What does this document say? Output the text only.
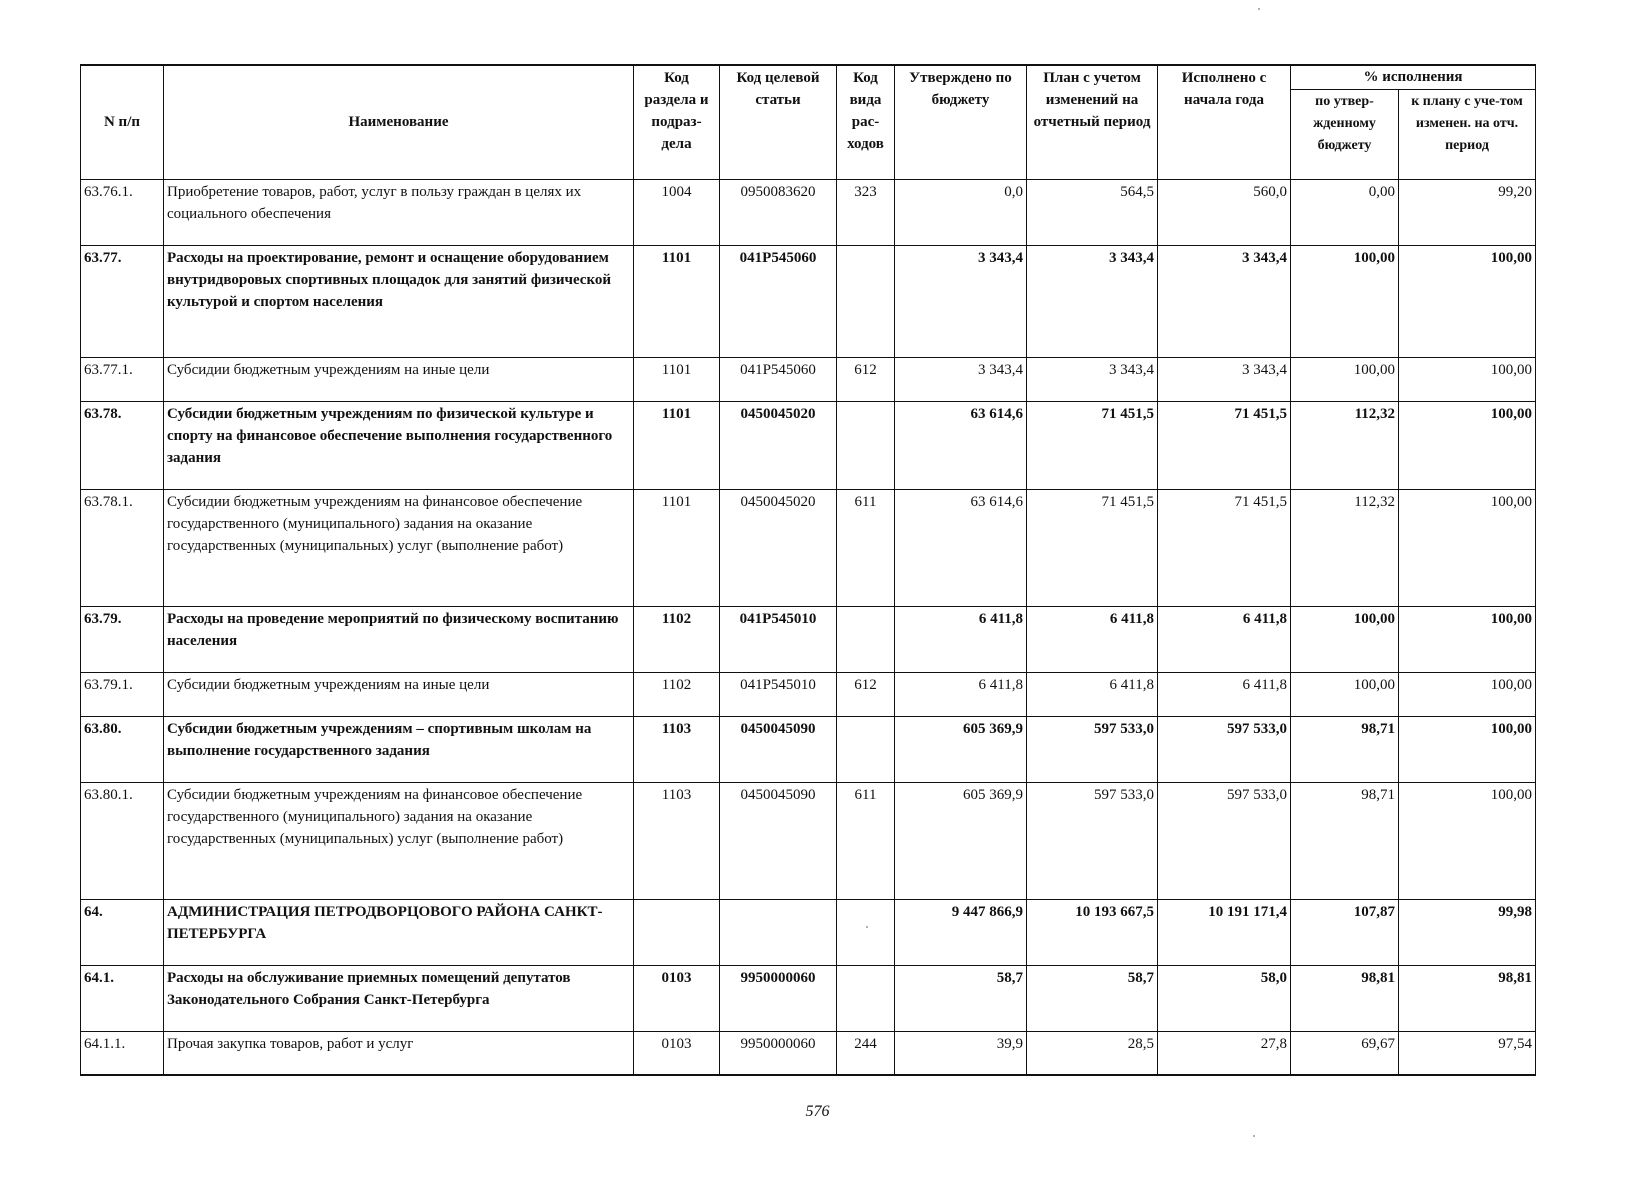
N п/п	Наименование	Код раздела и подраз-дела	Код целевой статьи	Код вида рас-ходов	Утверждено по бюджету	План с учетом изменений на отчетный период	Исполнено с начала года	% исполнения	
								по утвер-жденному бюджету	к плану с уче-том изменен. на отч. период
63.76.1.	Приобретение товаров, работ, услуг в пользу граждан в целях их социального обеспечения	1004	0950083620	323	0,0	564,5	560,0	0,00	99,20
63.77.	Расходы на проектирование, ремонт и оснащение оборудованием внутридворовых спортивных площадок для занятий физической культурой и спортом населения	1101	041P545060		3 343,4	3 343,4	3 343,4	100,00	100,00
63.77.1.	Субсидии бюджетным учреждениям на иные цели	1101	041P545060	612	3 343,4	3 343,4	3 343,4	100,00	100,00
63.78.	Субсидии бюджетным учреждениям по физической культуре и спорту на финансовое обеспечение выполнения государственного задания	1101	0450045020		63 614,6	71 451,5	71 451,5	112,32	100,00
63.78.1.	Субсидии бюджетным учреждениям на финансовое обеспечение государственного (муниципального) задания на оказание государственных (муниципальных) услуг (выполнение работ)	1101	0450045020	611	63 614,6	71 451,5	71 451,5	112,32	100,00
63.79.	Расходы на проведение мероприятий по физическому воспитанию населения	1102	041P545010		6 411,8	6 411,8	6 411,8	100,00	100,00
63.79.1.	Субсидии бюджетным учреждениям на иные цели	1102	041P545010	612	6 411,8	6 411,8	6 411,8	100,00	100,00
63.80.	Субсидии бюджетным учреждениям – спортивным школам на выполнение государственного задания	1103	0450045090		605 369,9	597 533,0	597 533,0	98,71	100,00
63.80.1.	Субсидии бюджетным учреждениям на финансовое обеспечение государственного (муниципального) задания на оказание государственных (муниципальных) услуг (выполнение работ)	1103	0450045090	611	605 369,9	597 533,0	597 533,0	98,71	100,00
64.	АДМИНИСТРАЦИЯ ПЕТРОДВОРЦОВОГО РАЙОНА САНКТ-ПЕТЕРБУРГА				9 447 866,9	10 193 667,5	10 191 171,4	107,87	99,98
64.1.	Расходы на обслуживание приемных помещений депутатов Законодательного Собрания Санкт-Петербурга	0103	9950000060		58,7	58,7	58,0	98,81	98,81
64.1.1.	Прочая закупка товаров, работ и услуг	0103	9950000060	244	39,9	28,5	27,8	69,67	97,54
576
